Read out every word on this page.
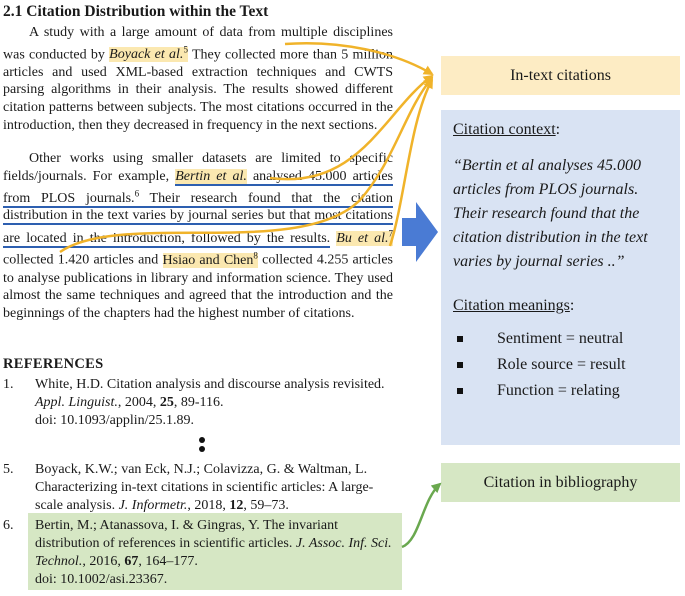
2.1 Citation Distribution within the Text

A study with a large amount of data from multiple disciplines was conducted by Boyack et al.$^5$ They collected more than 5 million articles and used XML-based extraction techniques and CWTS parsing algorithms in their analysis. The results showed different citation patterns between subjects. The most citations occurred in the introduction, then they decreased in frequency in the next sections.

Other works using smaller datasets are limited to specific fields/journals. For example, Bertin et al. analysed 45.000 articles from PLOS journals.$^6$ Their research found that the citation distribution in the text varies by journal series but that most citations are located in the introduction, followed by the results. Bu et al.$^7$ collected 1.420 articles and Hsiao and Chen$^8$ collected 4.255 articles to analyse publications in library and information science. They used almost the same techniques and agreed that the introduction and the beginnings of the chapters had the highest number of citations.

REFERENCES
1. White, H.D. Citation analysis and discourse analysis revisited. Appl. Linguist., 2004, 25, 89-116.
doi: 10.1093/applin/25.1.89.
5. Boyack, K.W.; van Eck, N.J.; Colavizza, G. & Waltman, L. Characterizing in-text citations in scientific articles: A large-scale analysis. J. Informetr., 2018, 12, 59–73.
6. Bertin, M.; Atanassova, I. & Gingras, Y. The invariant distribution of references in scientific articles. J. Assoc. Inf. Sci. Technol., 2016, 67, 164–177.
doi: 10.1002/asi.23367.
In-text citations
Citation context:
“Bertin et al analyses 45.000 articles from PLOS journals. Their research found that the citation distribution in the text varies by journal series ..”
Citation meanings:
Sentiment = neutral
Role source = result
Function = relating
Citation in bibliography
